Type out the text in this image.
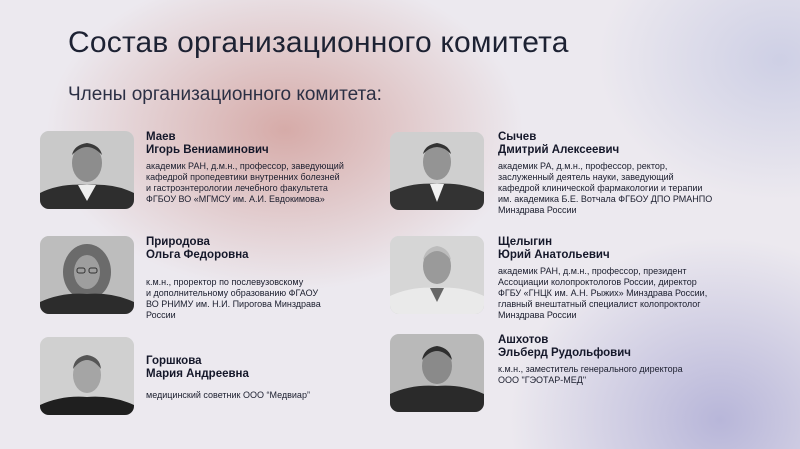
Состав организационного комитета
Члены организационного комитета:
Маев
Игорь Вениаминович
академик РАН, д.м.н., профессор, заведующий
кафедрой пропедевтики внутренних болезней
и гастроэнтерологии лечебного факультета
ФГБОУ ВО «МГМСУ им. А.И. Евдокимова»
Природова
Ольга Федоровна
к.м.н., проректор по послевузовскому
и дополнительному образованию ФГАОУ
ВО РНИМУ им. Н.И. Пирогова Минздрава
России
Горшкова
Мария Андреевна
медицинский советник ООО “Медвиар”
Сычев
Дмитрий Алексеевич
академик РА, д.м.н., профессор, ректор,
заслуженный деятель науки, заведующий
кафедрой клинической фармакологии и терапии
им. академика Б.Е. Вотчала ФГБОУ ДПО РМАНПО
Минздрава России
Щелыгин
Юрий Анатольевич
академик РАН, д.м.н., профессор, президент
Ассоциации колопроктологов России, директор
ФГБУ «ГНЦК им. А.Н. Рыжих» Минздрава России,
главный внештатный специалист колопроктолог
Минздрава России
Ашхотов
Эльберд Рудольфович
к.м.н., заместитель генерального директора
ООО "ГЭОТАР-МЕД"
